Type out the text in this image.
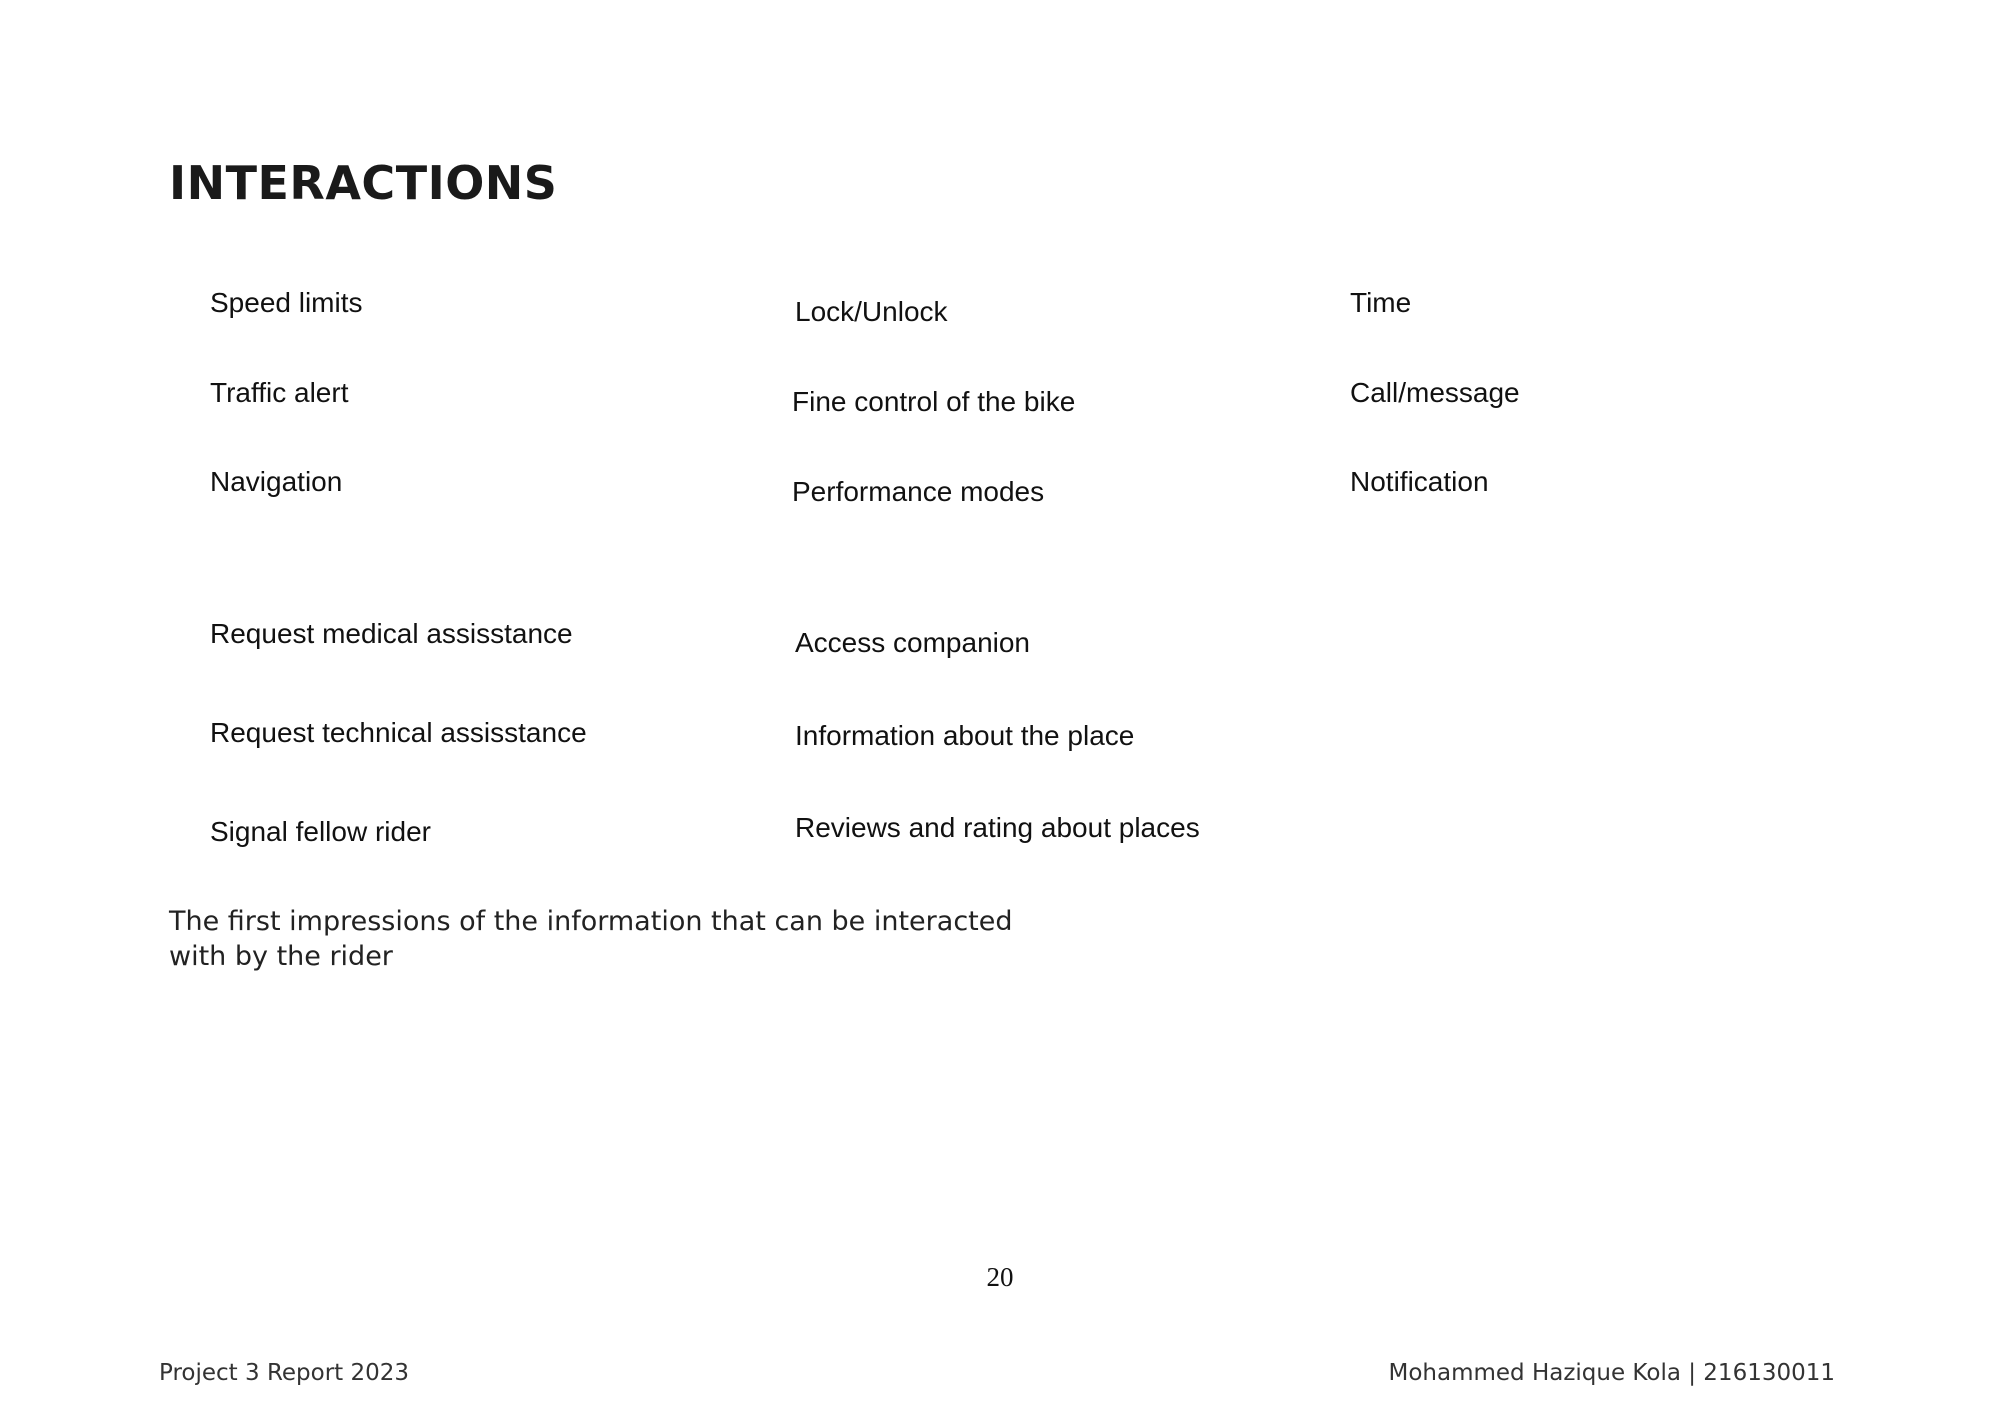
INTERACTIONS
Speed limits
Traffic alert
Navigation
Request medical assisstance
Request technical assisstance
Signal fellow rider
Lock/Unlock
Fine control of the bike
Performance modes
Access companion
Information about the place
Reviews and rating about places
Time
Call/message
Notification

The first impressions of the information that can be interacted with by the rider

20
Project 3 Report 2023	Mohammed Hazique Kola | 216130011
